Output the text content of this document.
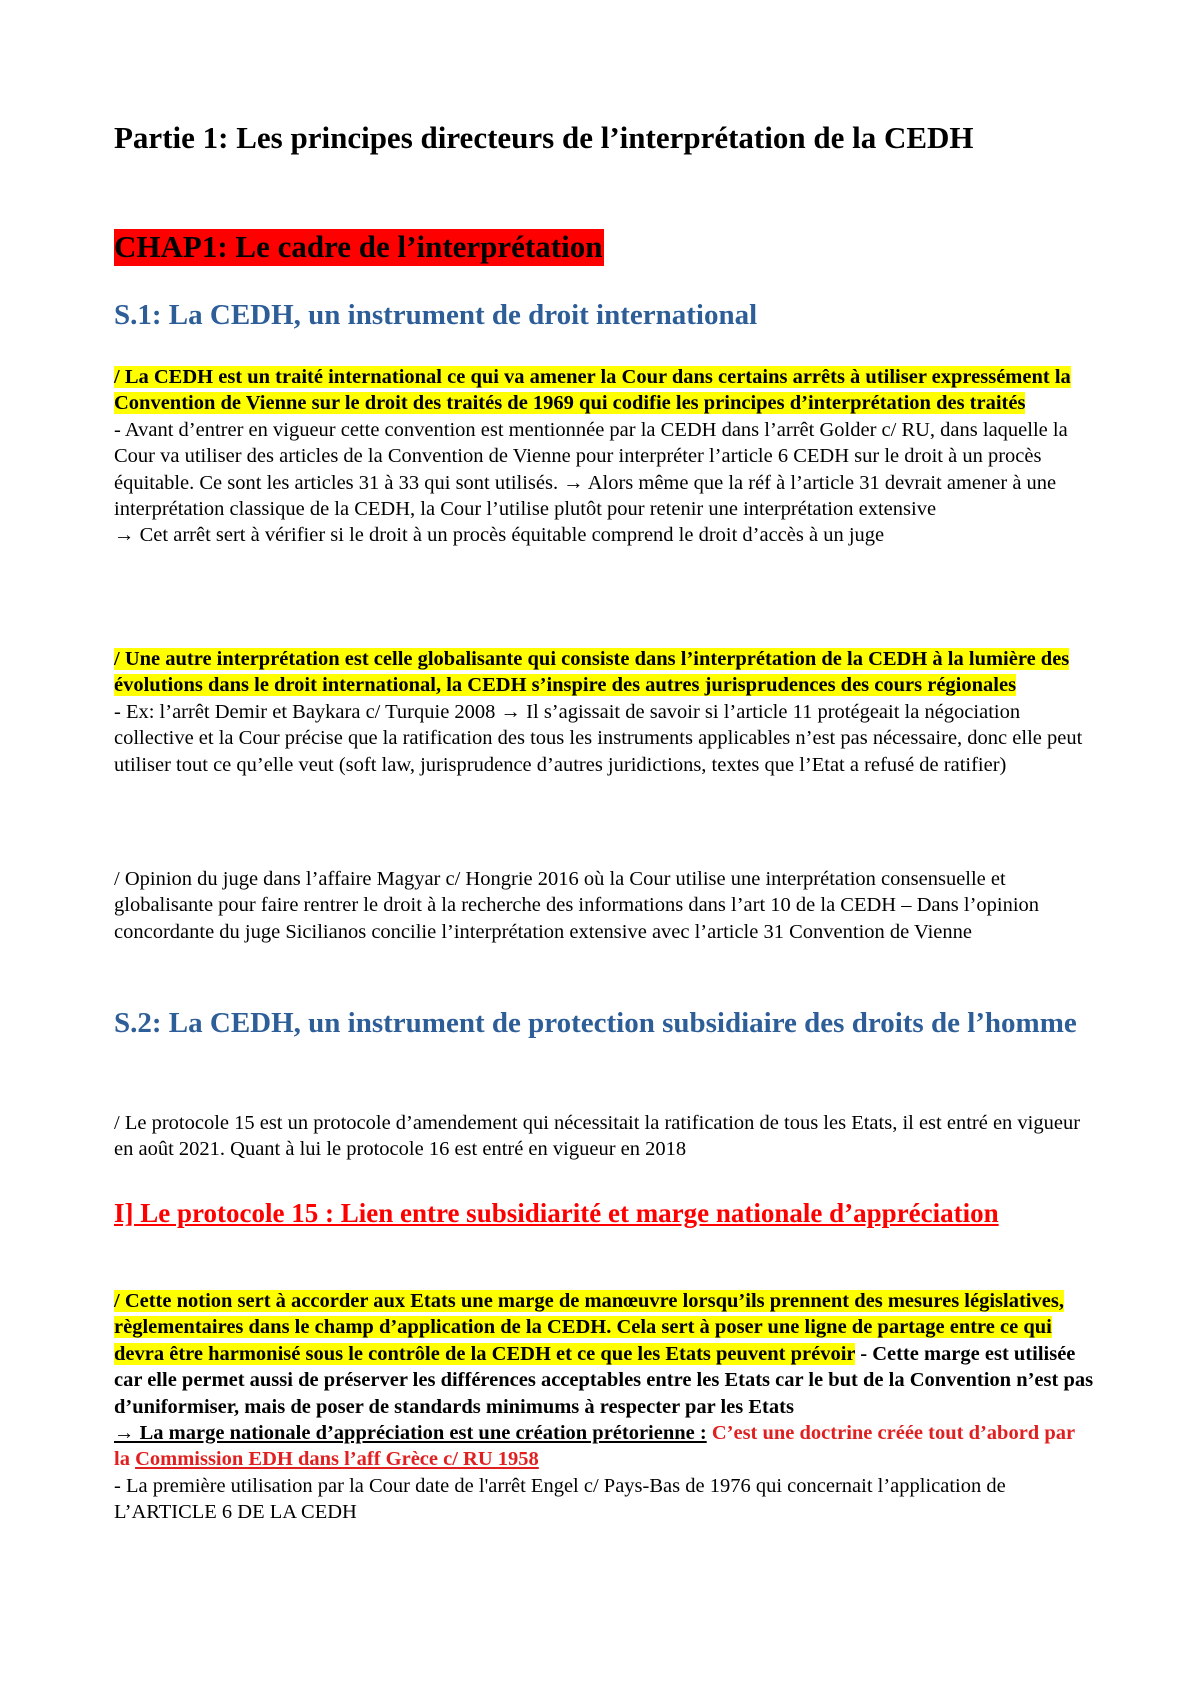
Partie 1: Les principes directeurs de l’interprétation de la CEDH
CHAP1: Le cadre de l’interprétation
S.1: La CEDH, un instrument de droit international

/ La CEDH est un traité international ce qui va amener la Cour dans certains arrêts à utiliser expressément la Convention de Vienne sur le droit des traités de 1969 qui codifie les principes d’interprétation des traités

- Avant d’entrer en vigueur cette convention est mentionnée par la CEDH dans l’arrêt Golder c/ RU, dans laquelle la Cour va utiliser des articles de la Convention de Vienne pour interpréter l’article 6 CEDH sur le droit à un procès équitable. Ce sont les articles 31 à 33 qui sont utilisés. → Alors même que la réf à l’article 31 devrait amener à une interprétation classique de la CEDH, la Cour l’utilise plutôt pour retenir une interprétation extensive

→ Cet arrêt sert à vérifier si le droit à un procès équitable comprend le droit d’accès à un juge

/ Une autre interprétation est celle globalisante qui consiste dans l’interprétation de la CEDH à la lumière des évolutions dans le droit international, la CEDH s’inspire des autres jurisprudences des cours régionales

- Ex: l’arrêt Demir et Baykara c/ Turquie 2008 → Il s’agissait de savoir si l’article 11 protégeait la négociation collective et la Cour précise que la ratification des tous les instruments applicables n’est pas nécessaire, donc elle peut utiliser tout ce qu’elle veut (soft law, jurisprudence d’autres juridictions, textes que l’Etat a refusé de ratifier)

/ Opinion du juge dans l’affaire Magyar c/ Hongrie 2016 où la Cour utilise une interprétation consensuelle et globalisante pour faire rentrer le droit à la recherche des informations dans l’art 10 de la CEDH – Dans l’opinion concordante du juge Sicilianos concilie l’interprétation extensive avec l’article 31 Convention de Vienne

S.2: La CEDH, un instrument de protection subsidiaire des droits de l’homme

/ Le protocole 15 est un protocole d’amendement qui nécessitait la ratification de tous les Etats, il est entré en vigueur en août 2021. Quant à lui le protocole 16 est entré en vigueur en 2018

I] Le protocole 15 : Lien entre subsidiarité et marge nationale d’appréciation

/ Cette notion sert à accorder aux Etats une marge de manœuvre lorsqu’ils prennent des mesures législatives, règlementaires dans le champ d’application de la CEDH. Cela sert à poser une ligne de partage entre ce qui devra être harmonisé sous le contrôle de la CEDH et ce que les Etats peuvent prévoir - Cette marge est utilisée car elle permet aussi de préserver les différences acceptables entre les Etats car le but de la Convention n’est pas d’uniformiser, mais de poser de standards minimums à respecter par les Etats

→ La marge nationale d’appréciation est une création prétorienne : C’est une doctrine créée tout d’abord par la Commission EDH dans l’aff Grèce c/ RU 1958

- La première utilisation par la Cour date de l'arrêt Engel c/ Pays-Bas de 1976 qui concernait l’application de L’ARTICLE 6 DE LA CEDH
